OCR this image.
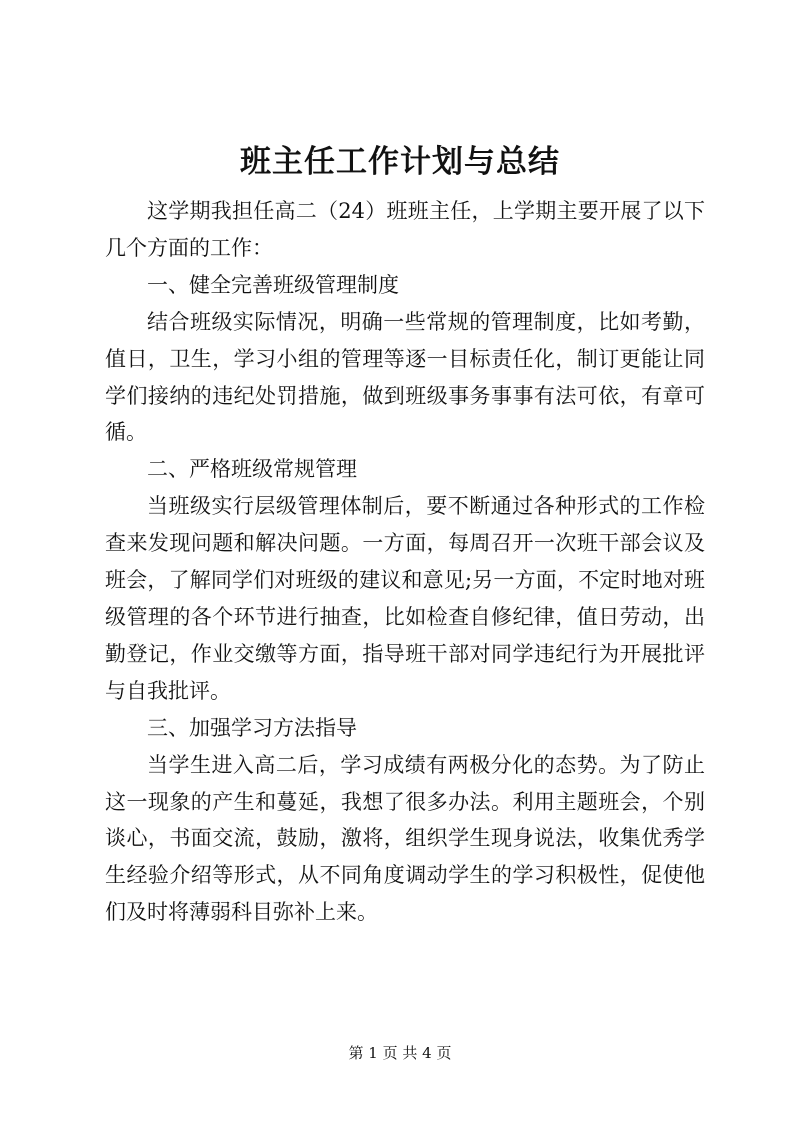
班主任工作计划与总结

这学期我担任高二（24）班班主任，上学期主要开展了以下几个方面的工作：

一、健全完善班级管理制度

结合班级实际情况，明确一些常规的管理制度，比如考勤，值日，卫生，学习小组的管理等逐一目标责任化，制订更能让同学们接纳的违纪处罚措施，做到班级事务事事有法可依，有章可循。

二、严格班级常规管理

当班级实行层级管理体制后，要不断通过各种形式的工作检查来发现问题和解决问题。一方面，每周召开一次班干部会议及班会，了解同学们对班级的建议和意见;另一方面，不定时地对班级管理的各个环节进行抽查，比如检查自修纪律，值日劳动，出勤登记，作业交缴等方面，指导班干部对同学违纪行为开展批评与自我批评。

三、加强学习方法指导

当学生进入高二后，学习成绩有两极分化的态势。为了防止这一现象的产生和蔓延，我想了很多办法。利用主题班会，个别谈心，书面交流，鼓励，激将，组织学生现身说法，收集优秀学生经验介绍等形式，从不同角度调动学生的学习积极性，促使他们及时将薄弱科目弥补上来。

第 1 页 共 4 页
